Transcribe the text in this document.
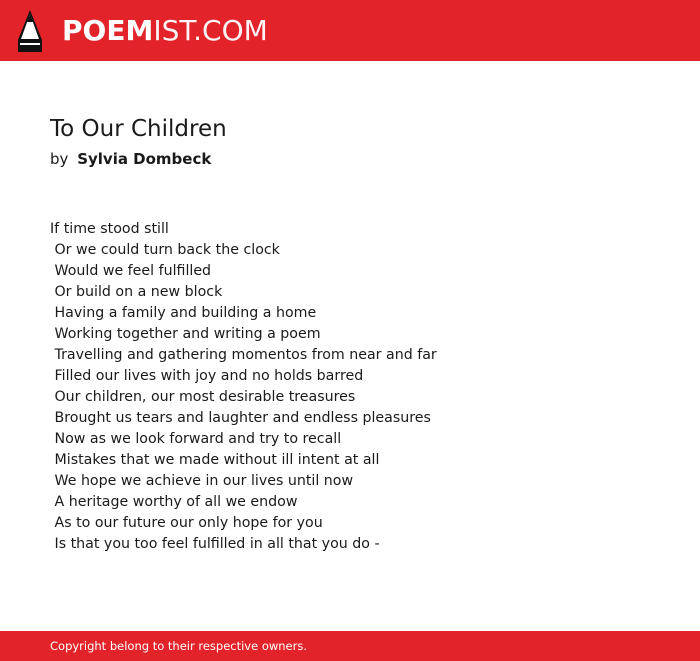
POEMIST.COM
To Our Children
by Sylvia Dombeck
If time stood still
Or we could turn back the clock
Would we feel fulfilled
Or build on a new block
Having a family and building a home
Working together and writing a poem
Travelling and gathering momentos from near and far
Filled our lives with joy and no holds barred
Our children, our most desirable treasures
Brought us tears and laughter and endless pleasures
Now as we look forward and try to recall
Mistakes that we made without ill intent at all
We hope we achieve in our lives until now
A heritage worthy of all we endow
As to our future our only hope for you
Is that you too feel fulfilled in all that you do -
Copyright belong to their respective owners.
